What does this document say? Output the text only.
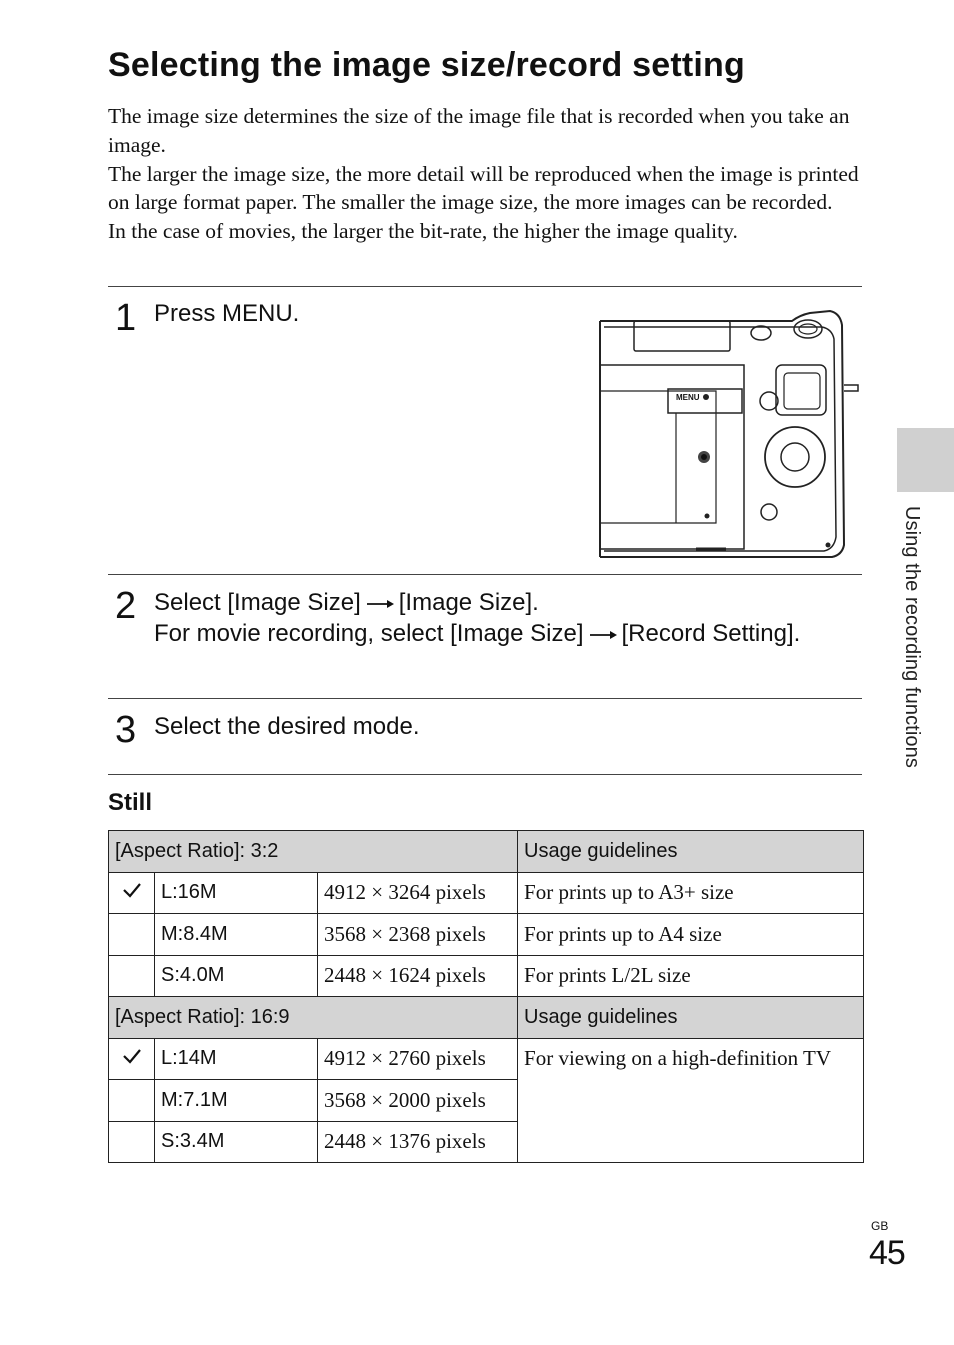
Selecting the image size/record setting

The image size determines the size of the image file that is recorded when you take an image.

The larger the image size, the more detail will be reproduced when the image is printed on large format paper. The smaller the image size, the more images can be recorded.

In the case of movies, the larger the bit-rate, the higher the image quality.

1 Press MENU.
MENU
2 Select [Image Size] [Image Size].
For movie recording, select [Image Size] [Record Setting].
3 Select the desired mode.
Still
[Aspect Ratio]: 3:2			Usage guidelines
	L:16M	4912 × 3264 pixels	For prints up to A3+ size
	M:8.4M	3568 × 2368 pixels	For prints up to A4 size
	S:4.0M	2448 × 1624 pixels	For prints L/2L size
[Aspect Ratio]: 16:9			Usage guidelines
	L:14M	4912 × 2760 pixels	For viewing on a high-definition TV
	M:7.1M	3568 × 2000 pixels	
	S:3.4M	2448 × 1376 pixels	
Using the recording functions
GB
45
